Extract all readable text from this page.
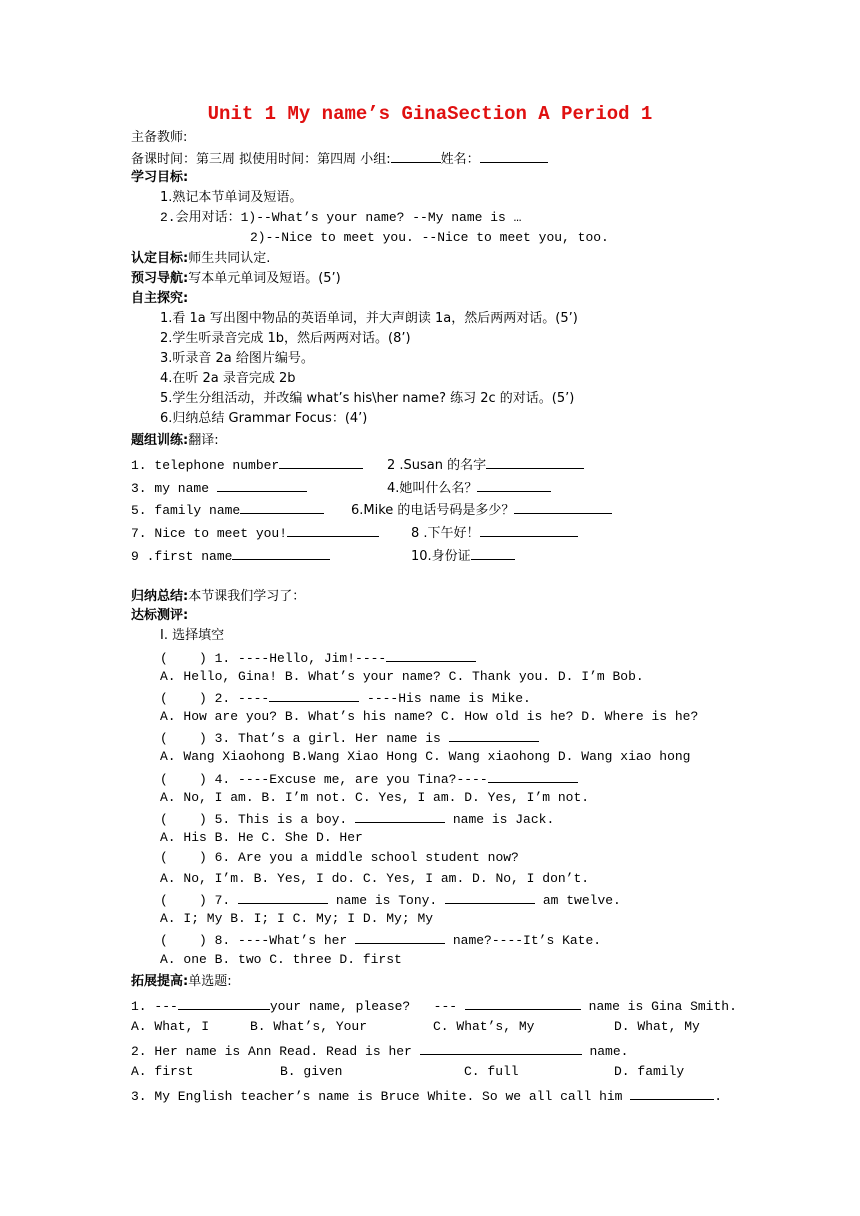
Unit 1 My name’s GinaSection A Period 1
主备教师:
备课时间：第三周 拟使用时间：第四周 小组:	姓名：
学习目标:
1.熟记本节单词及短语。
2.会用对话：1)--What’s your name? --My name is …
2)--Nice to meet you. --Nice to meet you, too.
认定目标:师生共同认定.
预习导航:写本单元单词及短语。(5’)
自主探究:
1.看 1a 写出图中物品的英语单词，并大声朗读 1a，然后两两对话。(5’)
2.学生听录音完成 1b，然后两两对话。(8’)
3.听录音 2a 给图片编号。
4.在听 2a 录音完成 2b
5.学生分组活动，并改编 what’s his\her name? 练习 2c 的对话。(5’)
6.归纳总结 Grammar Focus：(4’)
题组训练:翻译:
1. telephone number	2 .Susan 的名字
3. my name	4.她叫什么名？
5. family name	6.Mike 的电话号码是多少？
7. Nice to meet you!	8 .下午好！
9 .first name	10.身份证
归纳总结:本节课我们学习了：
达标测评:
I. 选择填空
(    ) 1. ----Hello, Jim!----
A. Hello, Gina! B. What’s your name? C. Thank you. D. I’m Bob.
(    ) 2. ----	----His name is Mike.
A. How are you? B. What’s his name? C. How old is he? D. Where is he?
(    ) 3. That’s a girl. Her name is
A. Wang Xiaohong B.Wang Xiao Hong C. Wang xiaohong D. Wang xiao hong
(    ) 4. ----Excuse me, are you Tina?----
A. No, I am. B. I’m not. C. Yes, I am. D. Yes, I’m not.
(    ) 5. This is a boy.	name is Jack.
A. His B. He C. She D. Her
(    ) 6. Are you a middle school student now?
A. No, I’m. B. Yes, I do. C. Yes, I am. D. No, I don’t.
(    ) 7.	name is Tony.	am twelve.
A. I; My B. I; I C. My; I D. My; My
(    ) 8. ----What’s her	name?----It’s Kate.
A. one B. two C. three D. first
拓展提高:单选题:
1. ---	your name, please?   ---	name is Gina Smith.
A. What, I	B. What’s, Your	C. What’s, My	D. What, My
2. Her name is Ann Read. Read is her	name.
A. first	B. given	C. full	D. family
3. My English teacher’s name is Bruce White. So we all call him	.
